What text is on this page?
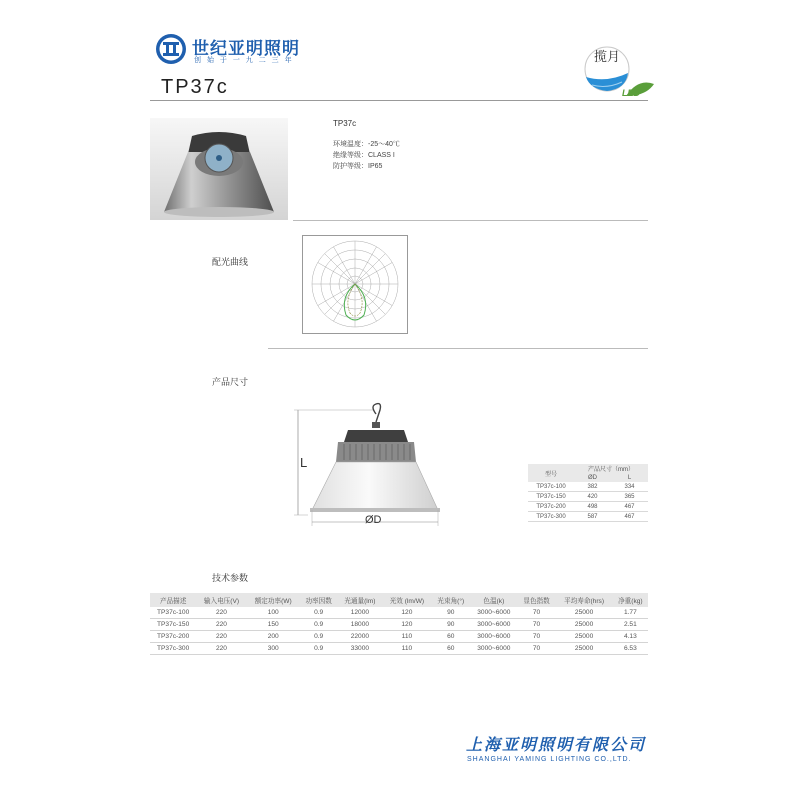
世纪亚明照明
创 始 于 一 九 二 三 年	揽月
LED
TP37c
TP37c
环境温度：-25～40℃
绝缘等级：CLASS I
防护等级：IP65
配光曲线
产品尺寸
L
ØD
型号	产品尺寸（mm）	
	ØD	L
TP37c-100	382	334
TP37c-150	420	365
TP37c-200	498	467
TP37c-300	587	467
技术参数
产品描述	输入电压(V)	额定功率(W)	功率因数	光通量(lm)	光效 (lm/W)	光束角(°)	色温(k)	显色指数	平均寿命(hrs)	净重(kg)
TP37c-100	220	100	0.9	12000	120	90	3000~6000	70	25000	1.77
TP37c-150	220	150	0.9	18000	120	90	3000~6000	70	25000	2.51
TP37c-200	220	200	0.9	22000	110	60	3000~6000	70	25000	4.13
TP37c-300	220	300	0.9	33000	110	60	3000~6000	70	25000	6.53
上海亚明照明有限公司
SHANGHAI YAMING LIGHTING CO.,LTD.
